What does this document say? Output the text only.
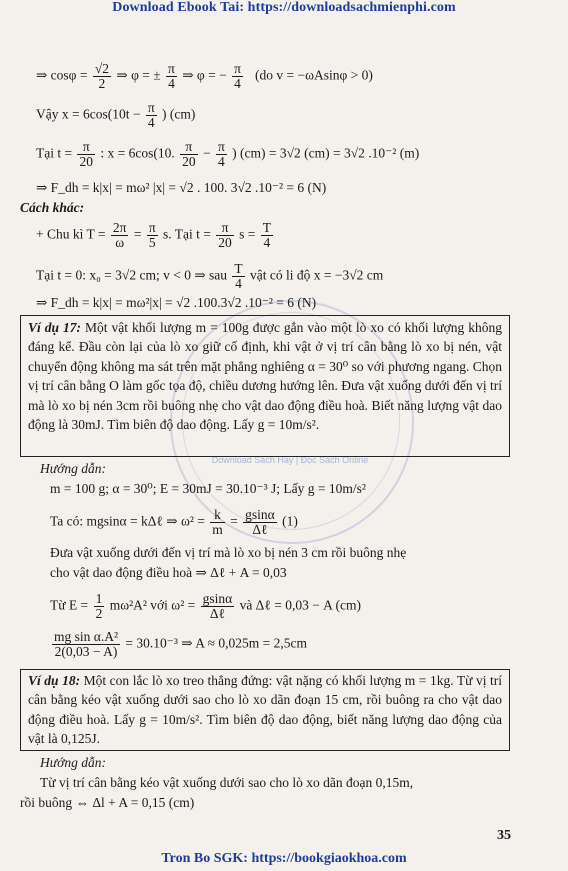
Download Ebook Tai: https://downloadsachmienphi.com
Download Sách Hay | Đọc Sách Online
⇒ $\cos\varphi = \frac{√2}{2}$ ⇒ φ = ± $\frac{\pi}{4}$ ⇒ φ = − $\frac{\pi}{4} (do$ v = −ωAsinφ > 0)
Vậy $x = 6\cos(10t - \frac{\pi}{4}$ ) (cm)
Tại $t = \frac{\pi}{20}$ : x = 6cos(10. $\frac{\pi}{20} - \frac{\pi}{4}$ ) (cm) = 3√2 (cm) = 3√2 .10⁻² (m)
⇒ F_dh = k|x| = mω² |x| = √2 . 100. 3√2 .10⁻² = 6 (N)
Cách khác:
+ Chu kì $T = \frac{2\pi}{\omega} = \frac{\pi}{5} s$. Tại $t = \frac{\pi}{20}$ $s = \frac{T}{4}$
Tại t = 0: x₀ = 3√2 cm; v < 0 ⇒ sau $\frac{T}{4}$ vật có li độ x = −3√2 cm
⇒ F_dh = k|x| = mω²|x| = √2 .100.3√2 .10⁻² = 6 (N)
Ví dụ 17: Một vật khối lượng m = 100g được gắn vào một lò xo có khối lượng không đáng kể. Đầu còn lại của lò xo giữ cố định, khi vật ở vị trí cân bằng lò xo bị nén, vật chuyển động không ma sát trên mặt phẳng nghiêng α = 30⁰ so với phương ngang. Chọn vị trí cân bằng O làm gốc tọa độ, chiều dương hướng lên. Đưa vật xuống dưới đến vị trí mà lò xo bị nén 3cm rồi buông nhẹ cho vật dao động điều hoà. Biết năng lượng vật dao động là 30mJ. Tìm biên độ dao động. Lấy g = 10m/s².
Hướng dẫn:
m = 100 g; α = 30⁰; E = 30mJ = 30.10⁻³ J; Lấy g = 10m/s²
Ta có: mgsinα = kΔℓ ⇒ $\omega^2 = \frac{k}{m} = \frac{gsin\alpha}{\text{Δℓ}} (1)$
Đưa vật xuống dưới đến vị trí mà lò xo bị nén 3 cm rồi buông nhẹ
cho vật dao động điều hoà ⇒ Δℓ + A = 0,03
Từ $E = \frac{1}{2} m\omega^2A^2$ với $\omega^2 = \frac{gsin\alpha}{\text{Δℓ}}$ và Δℓ = 0,03 − A (cm)
$\frac{\text{mg sin α.A²}}{2(0,03 - A)} = 30.10^{-3}$ ⇒ A ≈ 0,025m = 2,5cm
Ví dụ 18: Một con lắc lò xo treo thẳng đứng: vật nặng có khối lượng m = 1kg. Từ vị trí cân bằng kéo vật xuống dưới sao cho lò xo dãn đoạn 15 cm, rồi buông ra cho vật dao động điều hoà. Lấy g = 10m/s². Tìm biên độ dao động, biết năng lượng dao động của vật là 0,125J.
Hướng dẫn:
Từ vị trí cân bằng kéo vật xuống dưới sao cho lò xo dãn đoạn 0,15m,
rồi buông ⇔ Δl + A = 0,15 (cm)
35
Tron Bo SGK: https://bookgiaokhoa.com
